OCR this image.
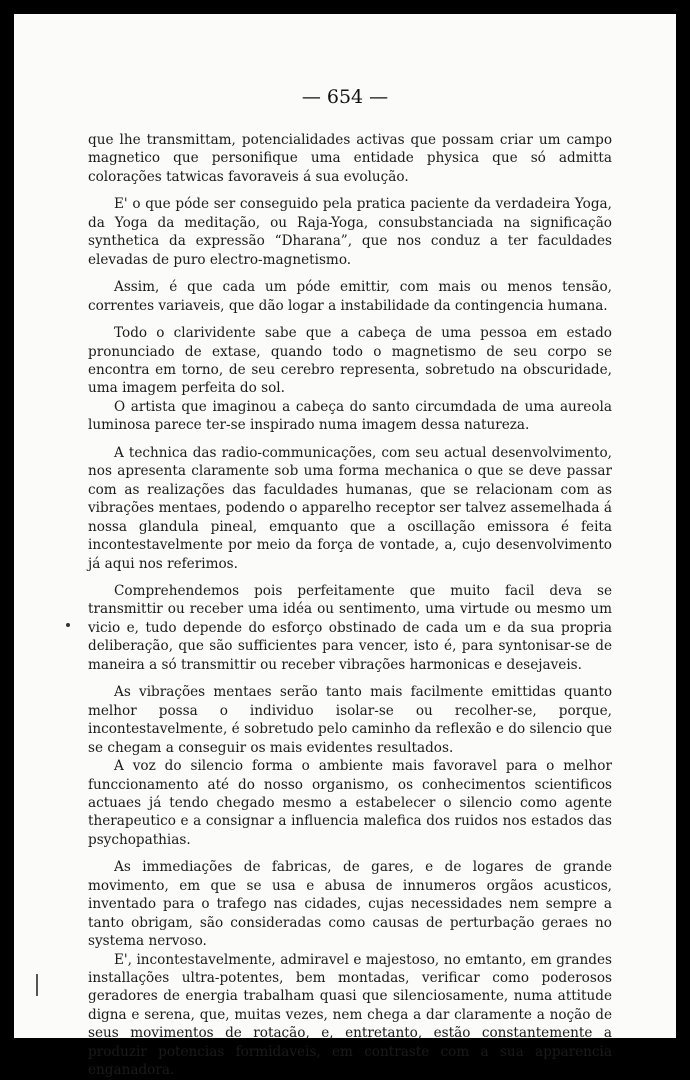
— 654 —

que lhe transmittam, potencialidades activas que possam criar um campo magnetico que personifique uma entidade physica que só admitta colorações tatwicas favoraveis á sua evolução.

E' o que póde ser conseguido pela pratica paciente da verdadeira Yoga, da Yoga da meditação, ou Raja-Yoga, consubstanciada na significação synthetica da expressão “Dharana”, que nos conduz a ter faculdades elevadas de puro electro-magnetismo.

Assim, é que cada um póde emittir, com mais ou menos tensão, correntes variaveis, que dão logar a instabilidade da contingencia humana.

Todo o clarividente sabe que a cabeça de uma pessoa em estado pronunciado de extase, quando todo o magnetismo de seu corpo se encontra em torno, de seu cerebro representa, sobretudo na obscuridade, uma imagem perfeita do sol.

O artista que imaginou a cabeça do santo circumdada de uma aureola luminosa parece ter-se inspirado numa imagem dessa natureza.

A technica das radio-communicações, com seu actual desenvolvimento, nos apresenta claramente sob uma forma mechanica o que se deve passar com as realizações das faculdades humanas, que se relacionam com as vibrações mentaes, podendo o apparelho receptor ser talvez assemelhada á nossa glandula pineal, emquanto que a oscillação emissora é feita incontestavelmente por meio da força de vontade, a, cujo desenvolvimento já aqui nos referimos.

Comprehendemos pois perfeitamente que muito facil deva se transmittir ou receber uma idéa ou sentimento, uma virtude ou mesmo um vicio e, tudo depende do esforço obstinado de cada um e da sua propria deliberação, que são sufficientes para vencer, isto é, para syntonisar-se de maneira a só transmittir ou receber vibrações harmonicas e desejaveis.

As vibrações mentaes serão tanto mais facilmente emittidas quanto melhor possa o individuo isolar-se ou recolher-se, porque, incontestavelmente, é sobretudo pelo caminho da reflexão e do silencio que se chegam a conseguir os mais evidentes resultados.

A voz do silencio forma o ambiente mais favoravel para o melhor funccionamento até do nosso organismo, os conhecimentos scientificos actuaes já tendo chegado mesmo a estabelecer o silencio como agente therapeutico e a consignar a influencia malefica dos ruidos nos estados das psychopathias.

As immediações de fabricas, de gares, e de logares de grande movimento, em que se usa e abusa de innumeros orgãos acusticos, inventado para o trafego nas cidades, cujas necessidades nem sempre a tanto obrigam, são consideradas como causas de perturbação geraes no systema nervoso.

E', incontestavelmente, admiravel e majestoso, no emtanto, em grandes installações ultra-potentes, bem montadas, verificar como poderosos geradores de energia trabalham quasi que silenciosamente, numa attitude digna e serena, que, muitas vezes, nem chega a dar claramente a noção de seus movimentos de rotação, e, entretanto, estão constantemente a produzir potencias formidaveis, em contraste com a sua apparencia enganadora.
